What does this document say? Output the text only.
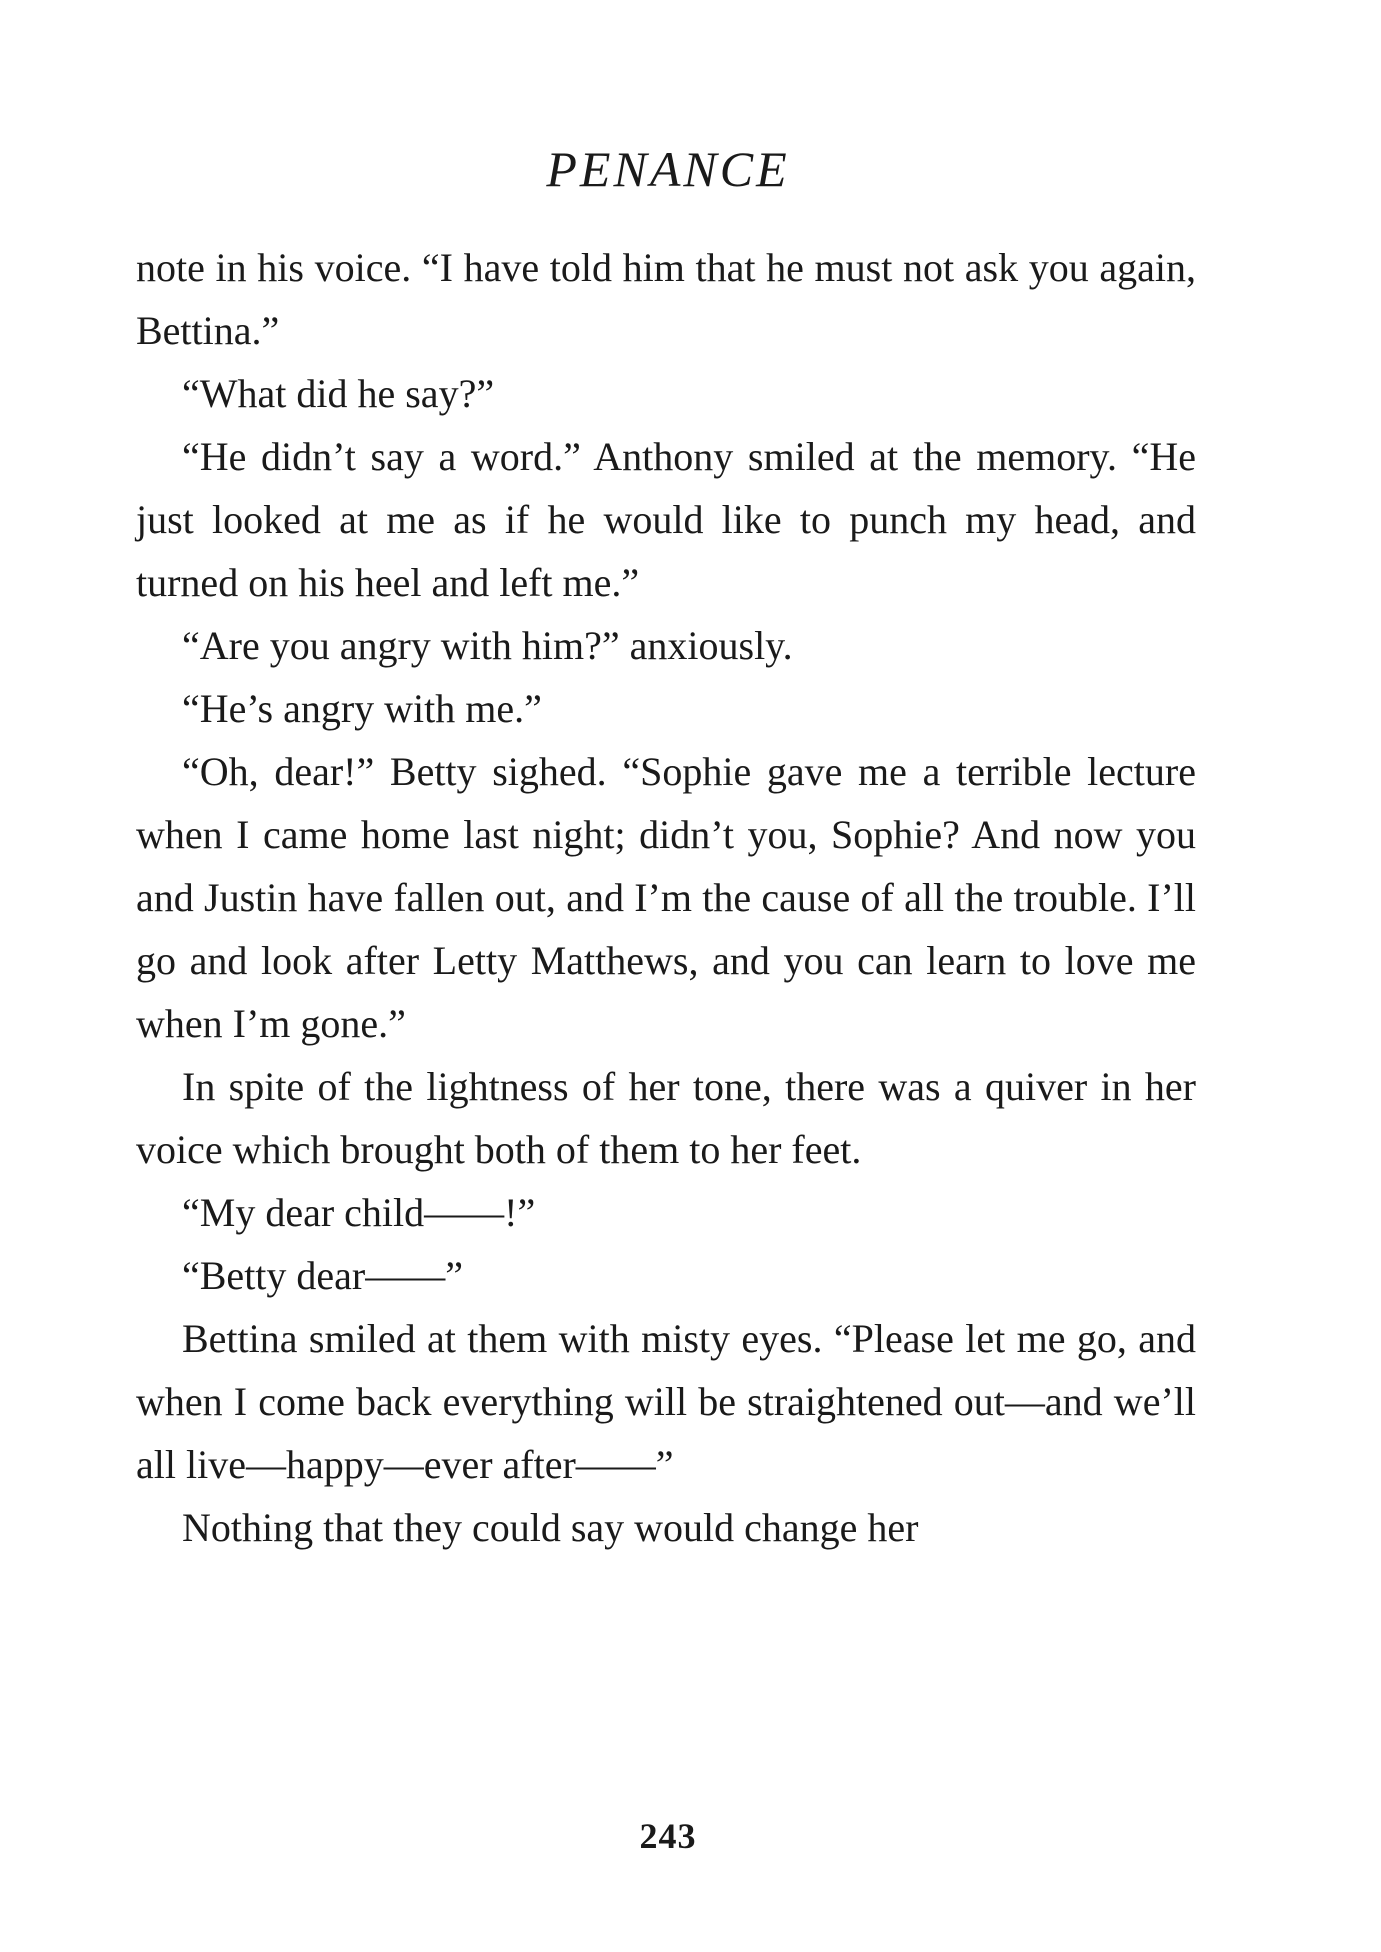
PENANCE

note in his voice. “I have told him that he must not ask you again, Bettina.”

“What did he say?”

“He didn’t say a word.” Anthony smiled at the memory. “He just looked at me as if he would like to punch my head, and turned on his heel and left me.”

“Are you angry with him?” anxiously.

“He’s angry with me.”

“Oh, dear!” Betty sighed. “Sophie gave me a terrible lecture when I came home last night; didn’t you, Sophie? And now you and Justin have fallen out, and I’m the cause of all the trouble. I’ll go and look after Letty Matthews, and you can learn to love me when I’m gone.”

In spite of the lightness of her tone, there was a quiver in her voice which brought both of them to her feet.

“My dear child——!”

“Betty dear——”

Bettina smiled at them with misty eyes. “Please let me go, and when I come back everything will be straightened out—and we’ll all live—happy—ever after——”

Nothing that they could say would change her

243
